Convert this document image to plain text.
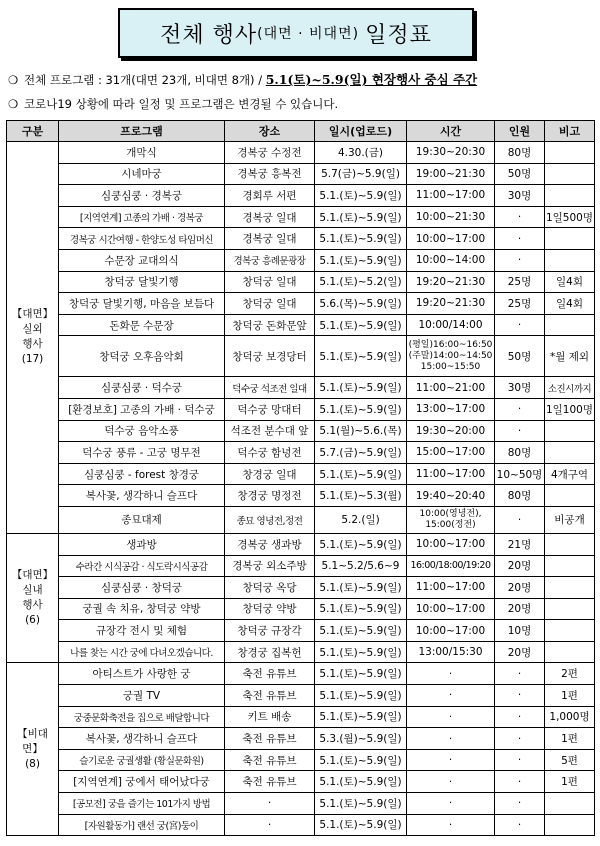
전체 행사 (대면 · 비대면) 일정표
❍ 전체 프로그램 : 31개(대면 23개, 비대면 8개) / 5.1(토)~5.9(일) 현장행사 중심 주간
❍ 코로나19 상황에 따라 일정 및 프로그램은 변경될 수 있습니다.
구분	프로그램	장소	일시(업로드)	시간	인원	비고
【대면】
실외
행사
(17)	개막식	경복궁 수정전	4.30.(금)	19:30~20:30	80명	
	시네마궁	경복궁 흥복전	5.7(금)~5.9(일)	19:00~21:30	50명	
	심쿵심쿵 · 경복궁	경회루 서편	5.1.(토)~5.9(일)	11:00~17:00	30명	
	[지역연계] 고종의 가배 · 경복궁	경복궁 일대	5.1.(토)~5.9(일)	10:00~21:30	·	1일500명
	경복궁 시간여행 - 한양도성 타임머신	경복궁 일대	5.1.(토)~5.9(일)	10:00~17:00	·	
	수문장 교대의식	경복궁 흥례문광장	5.1.(토)~5.9(일)	10:00~14:00	·	
	창덕궁 달빛기행	창덕궁 일대	5.1.(토)~5.2(일)	19:20~21:30	25명	일4회
	창덕궁 달빛기행, 마음을 보듬다	창덕궁 일대	5.6.(목)~5.9(일)	19:20~21:30	25명	일4회
	돈화문 수문장	창덕궁 돈화문앞	5.1.(토)~5.9(일)	10:00/14:00	·	
	창덕궁 오후음악회	창덕궁 보경당터	5.1.(토)~5.9(일)	(평일)16:00~16:50
(주말)14:00~14:50
15:00~15:50	50명	*월 제외
	심쿵심쿵 · 덕수궁	덕수궁 석조전 일대	5.1.(토)~5.9(일)	11:00~21:00	30명	소진시까지
	[환경보호] 고종의 가배 · 덕수궁	덕수궁 망대터	5.1.(토)~5.9(일)	13:00~17:00	·	1일100명
	덕수궁 음악소풍	석조전 분수대 앞	5.1(월)~5.6.(목)	19:30~20:00	·	
	덕수궁 풍류 - 고궁 명무전	덕수궁 함녕전	5.7.(금)~5.9(일)	15:00~17:00	80명	
	심쿵심쿵 - forest 창경궁	창경궁 일대	5.1.(토)~5.9(일)	11:00~17:00	10~50명	4개구역
	복사꽃, 생각하니 슬프다	창경궁 명정전	5.1.(토)~5.3(월)	19:40~20:40	80명	
	종묘대제	종묘 영녕전,정전	5.2.(일)	10:00(영녕전),
15:00(정전)	·	비공개
【대면】
실내
행사
(6)	생과방	경복궁 생과방	5.1.(토)~5.9(일)	10:00~17:00	21명	
	수라간 시식공감 · 식도락시식공감	경복궁 외소주방	5.1~5.2/5.6~9	16:00/18:00/19:20	20명	
	심쿵심쿵 · 창덕궁	창덕궁 옥당	5.1.(토)~5.9(일)	11:00~17:00	20명	
	궁궐 속 치유, 창덕궁 약방	창덕궁 약방	5.1.(토)~5.9(일)	10:00~17:00	20명	
	규장각 전시 및 체험	창덕궁 규장각	5.1.(토)~5.9(일)	10:00~17:00	10명	
	나를 찾는 시간 궁에 다녀오겠습니다.	창경궁 집복헌	5.1.(토)~5.9(일)	13:00/15:30	20명	
【비대면】
(8)	아티스트가 사랑한 궁	축전 유튜브	5.1.(토)~5.9(일)	·	·	2편
	궁궐 TV	축전 유튜브	5.1.(토)~5.9(일)	·	·	1편
	궁중문화축전을 집으로 배달합니다	키트 배송	5.1.(토)~5.9(일)	·	·	1,000명
	복사꽃, 생각하니 슬프다	축전 유튜브	5.3.(월)~5.9(일)	·	·	1편
	슬기로운 궁궐생활 (황실문화원)	축전 유튜브	5.1.(토)~5.9(일)	·	·	5편
	[지역연계] 궁에서 태어났다궁	축전 유튜브	5.1.(토)~5.9(일)	·	·	1편
	[공모전] 궁을 즐기는 101가지 방법	·	5.1.(토)~5.9(일)	·	·	
	[자원활동가] 랜선 궁(宮)둥이	·	5.1.(토)~5.9(일)	·	·	
